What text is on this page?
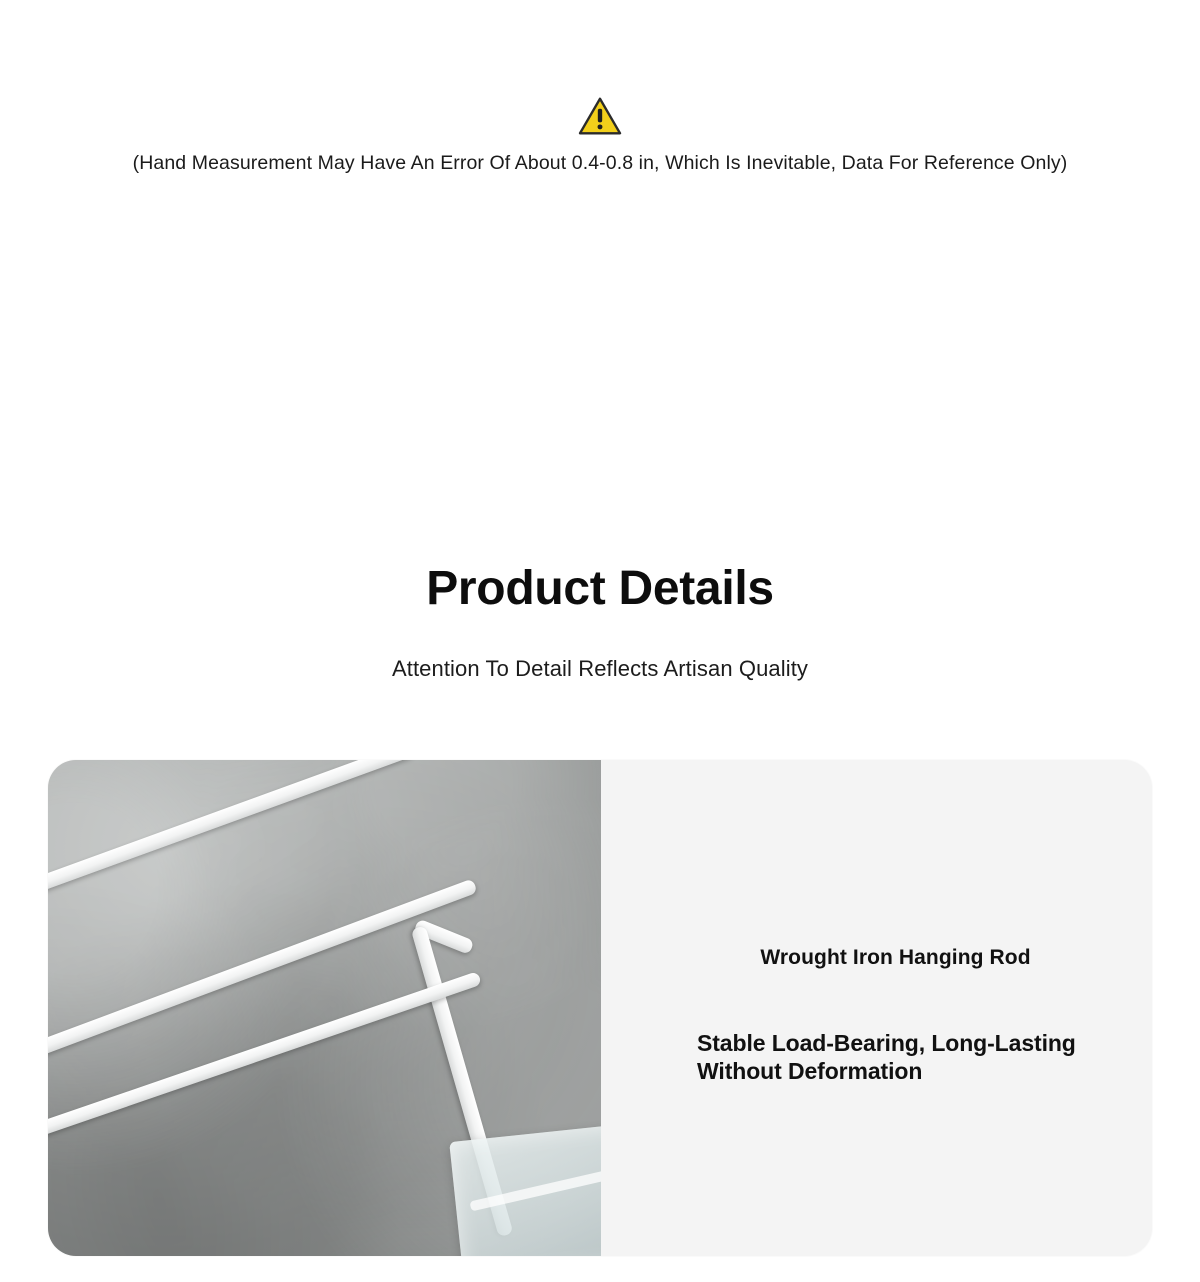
(Hand Measurement May Have An Error Of About 0.4-0.8 in, Which Is Inevitable, Data For Reference Only)
Product Details
Attention To Detail Reflects Artisan Quality
Wrought Iron Hanging Rod
Stable Load-Bearing, Long-Lasting Without Deformation
